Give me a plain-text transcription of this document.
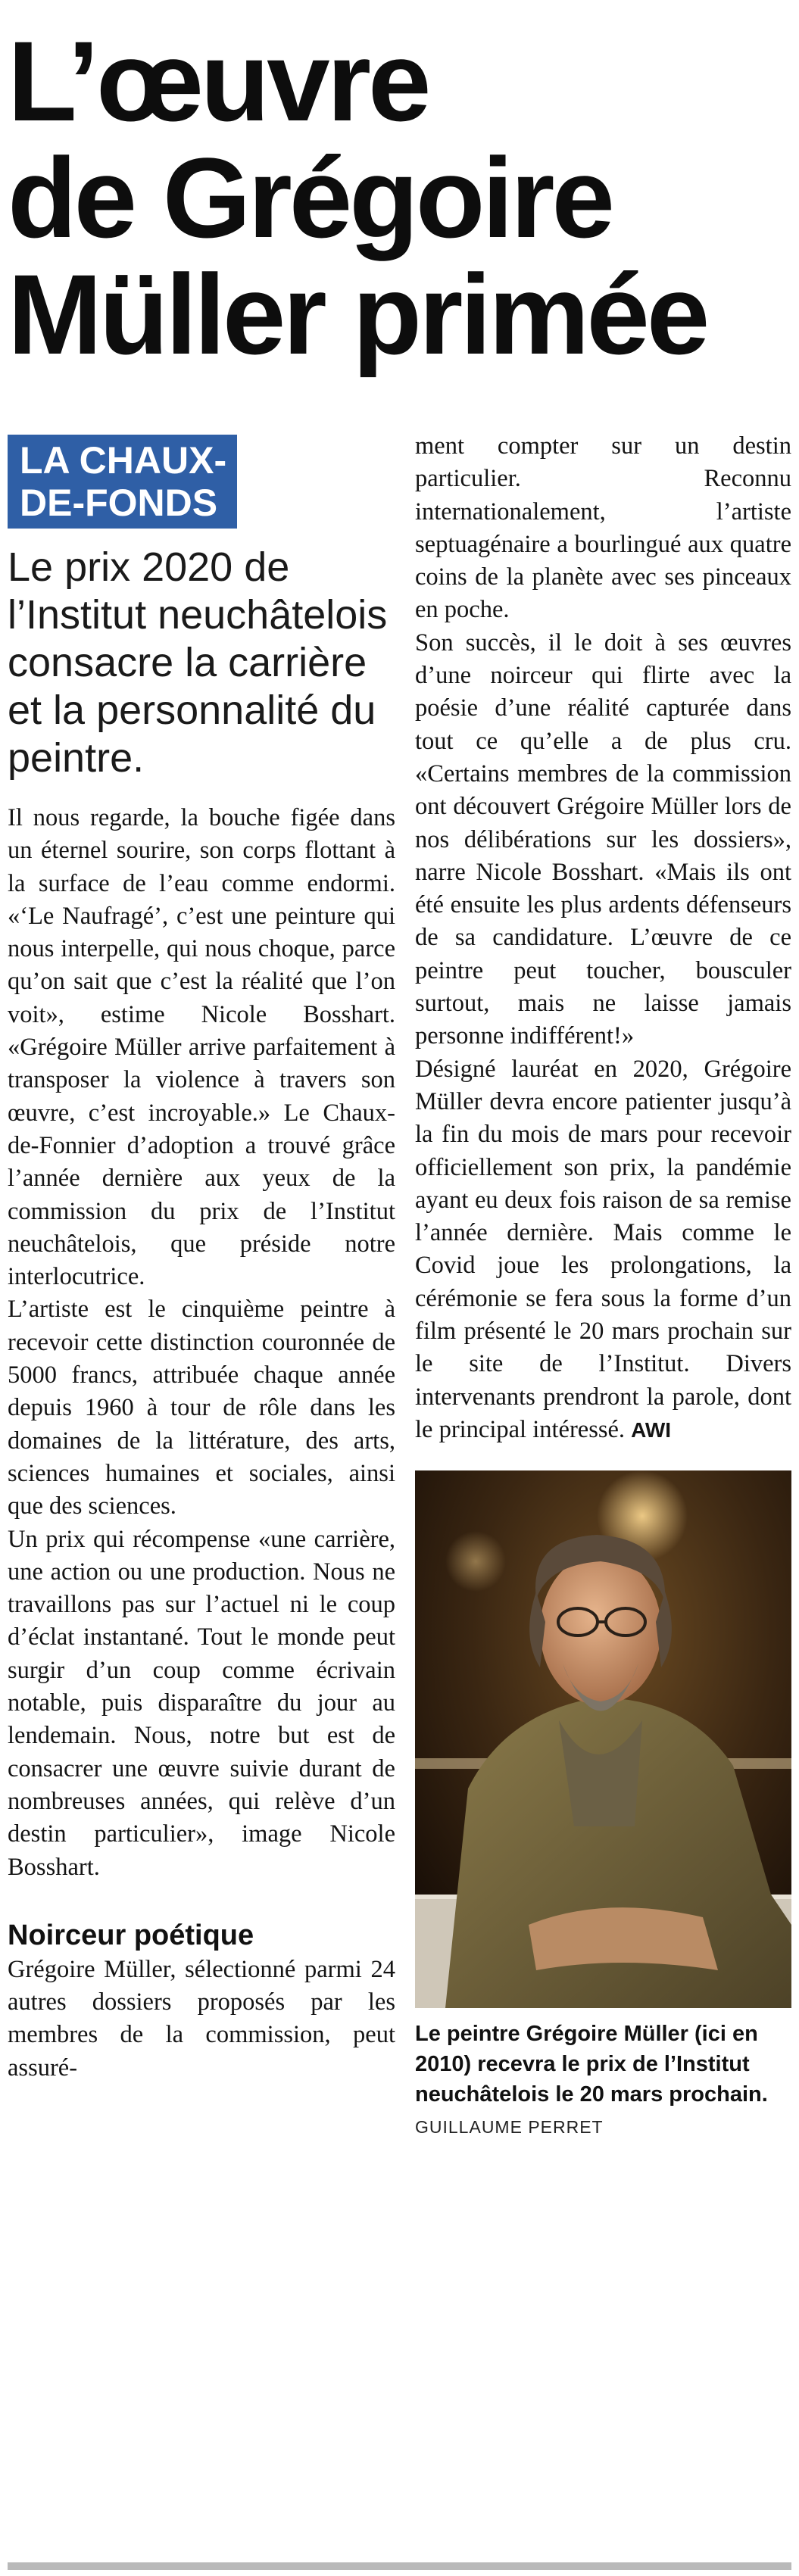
L’œuvre
de Grégoire
Müller primée
LA CHAUX-
DE-FONDS
Le prix 2020 de l’Institut neuchâtelois consacre la carrière et la personnalité du peintre.

Il nous regarde, la bouche figée dans un éternel sourire, son corps flottant à la surface de l’eau comme endormi. «‘Le Naufragé’, c’est une peinture qui nous interpelle, qui nous choque, parce qu’on sait que c’est la réalité que l’on voit», estime Nicole Bosshart. «Grégoire Müller arrive parfaitement à transposer la violence à travers son œuvre, c’est incroyable.» Le Chaux-de-Fonnier d’adoption a trouvé grâce l’année dernière aux yeux de la commission du prix de l’Institut neuchâtelois, que préside notre interlocutrice.

L’artiste est le cinquième peintre à recevoir cette distinction couronnée de 5000 francs, attribuée chaque année depuis 1960 à tour de rôle dans les domaines de la littérature, des arts, sciences humaines et sociales, ainsi que des sciences.

Un prix qui récompense «une carrière, une action ou une production. Nous ne travaillons pas sur l’actuel ni le coup d’éclat instantané. Tout le monde peut surgir d’un coup comme écrivain notable, puis disparaître du jour au lendemain. Nous, notre but est de consacrer une œuvre suivie durant de nombreuses années, qui relève d’un destin particulier», image Nicole Bosshart.

Noirceur poétique

Grégoire Müller, sélectionné parmi 24 autres dossiers proposés par les membres de la commission, peut assuré-

ment compter sur un destin particulier. Reconnu internationalement, l’artiste septuagénaire a bourlingué aux quatre coins de la planète avec ses pinceaux en poche.

Son succès, il le doit à ses œuvres d’une noirceur qui flirte avec la poésie d’une réalité capturée dans tout ce qu’elle a de plus cru. «Certains membres de la commission ont découvert Grégoire Müller lors de nos délibérations sur les dossiers», narre Nicole Bosshart. «Mais ils ont été ensuite les plus ardents défenseurs de sa candidature. L’œuvre de ce peintre peut toucher, bousculer surtout, mais ne laisse jamais personne indifférent!»

Désigné lauréat en 2020, Grégoire Müller devra encore patienter jusqu’à la fin du mois de mars pour recevoir officiellement son prix, la pandémie ayant eu deux fois raison de sa remise l’année dernière. Mais comme le Covid joue les prolongations, la cérémonie se fera sous la forme d’un film présenté le 20 mars prochain sur le site de l’Institut. Divers intervenants prendront la parole, dont le principal intéressé. AWI

Le peintre Grégoire Müller (ici en 2010) recevra le prix de l’Institut neuchâtelois le 20 mars prochain.
GUILLAUME PERRET
